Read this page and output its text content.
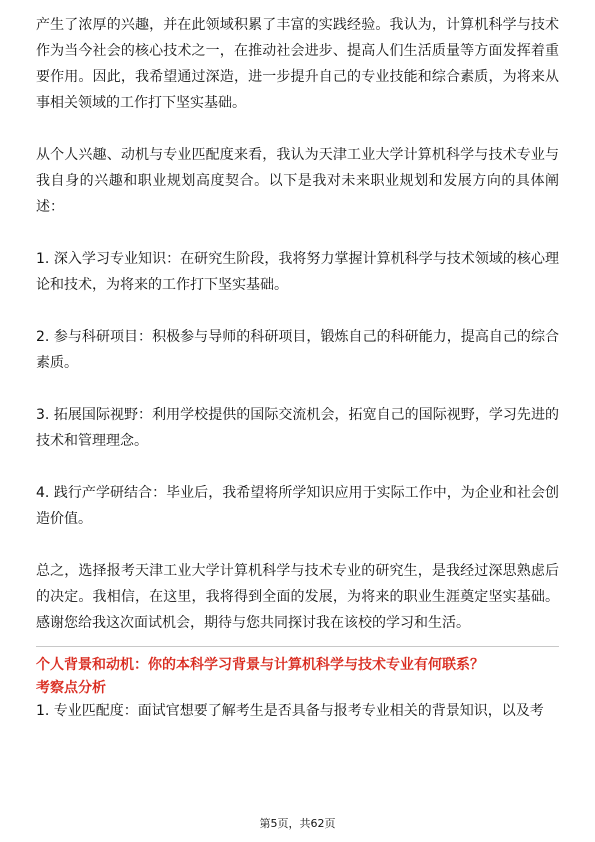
产生了浓厚的兴趣，并在此领域积累了丰富的实践经验。我认为，计算机科学与技术作为当今社会的核心技术之一，在推动社会进步、提高人们生活质量等方面发挥着重要作用。因此，我希望通过深造，进一步提升自己的专业技能和综合素质，为将来从事相关领域的工作打下坚实基础。

从个人兴趣、动机与专业匹配度来看，我认为天津工业大学计算机科学与技术专业与我自身的兴趣和职业规划高度契合。以下是我对未来职业规划和发展方向的具体阐述：

1. 深入学习专业知识：在研究生阶段，我将努力掌握计算机科学与技术领域的核心理论和技术，为将来的工作打下坚实基础。

2. 参与科研项目：积极参与导师的科研项目，锻炼自己的科研能力，提高自己的综合素质。

3. 拓展国际视野：利用学校提供的国际交流机会，拓宽自己的国际视野，学习先进的技术和管理理念。

4. 践行产学研结合：毕业后，我希望将所学知识应用于实际工作中，为企业和社会创造价值。

总之，选择报考天津工业大学计算机科学与技术专业的研究生，是我经过深思熟虑后的决定。我相信，在这里，我将得到全面的发展，为将来的职业生涯奠定坚实基础。感谢您给我这次面试机会，期待与您共同探讨我在该校的学习和生活。

个人背景和动机：你的本科学习背景与计算机科学与技术专业有何联系？

考察点分析

1. 专业匹配度：面试官想要了解考生是否具备与报考专业相关的背景知识，以及考

第5页，共62页
